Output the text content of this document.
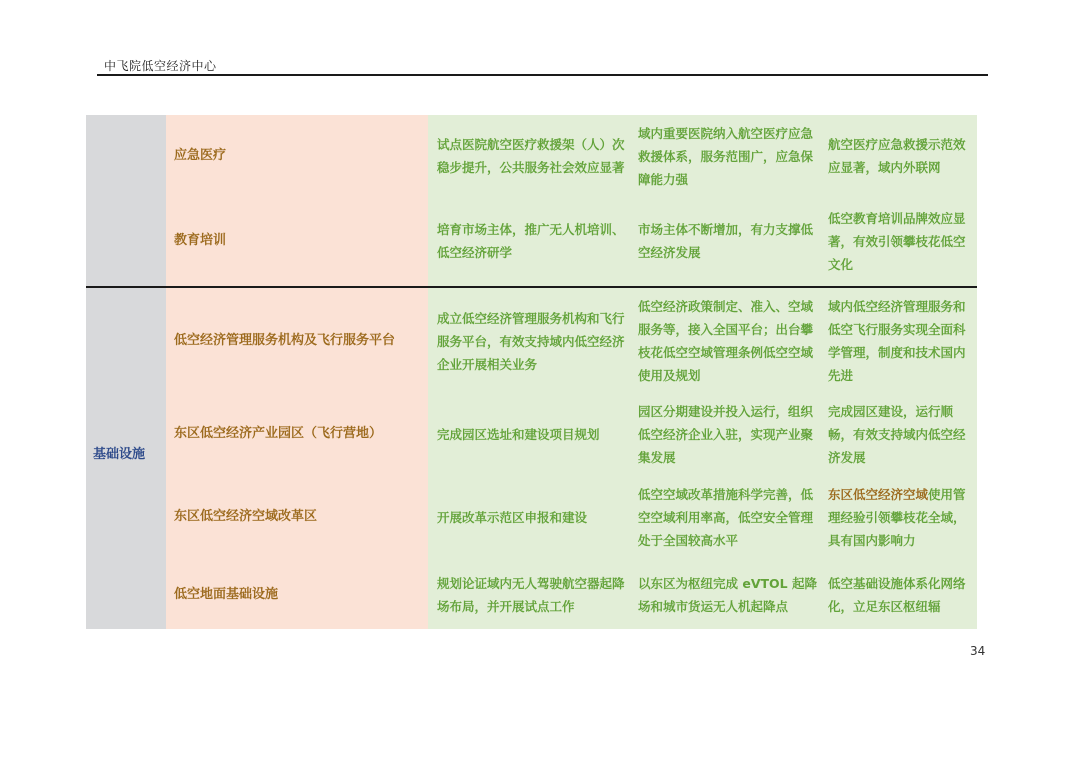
中飞院低空经济中心
基础设施
应急医疗
试点医院航空医疗救援架（人）次稳步提升，公共服务社会效应显著
域内重要医院纳入航空医疗应急救援体系，服务范围广，应急保障能力强
航空医疗应急救援示范效应显著，域内外联网
教育培训
培育市场主体，推广无人机培训、低空经济研学
市场主体不断增加，有力支撑低空经济发展
低空教育培训品牌效应显著，有效引领攀枝花低空文化
低空经济管理服务机构及飞行服务平台
成立低空经济管理服务机构和飞行服务平台，有效支持域内低空经济企业开展相关业务
低空经济政策制定、准入、空域服务等，接入全国平台；出台攀枝花低空空域管理条例低空空域使用及规划
域内低空经济管理服务和低空飞行服务实现全面科学管理，制度和技术国内先进
东区低空经济产业园区（飞行营地）	完成园区选址和建设项目规划
园区分期建设并投入运行，组织低空经济企业入驻，实现产业聚集发展
完成园区建设，运行顺畅，有效支持域内低空经济发展
东区低空经济空域改革区	开展改革示范区申报和建设
低空空域改革措施科学完善，低空空域利用率高，低空安全管理处于全国较高水平
东区低空经济空域使用管理经验引领攀枝花全域，具有国内影响力
低空地面基础设施
规划论证域内无人驾驶航空器起降场布局，并开展试点工作
以东区为枢纽完成 eVTOL 起降场和城市货运无人机起降点
低空基础设施体系化网络化，立足东区枢纽辐
34
